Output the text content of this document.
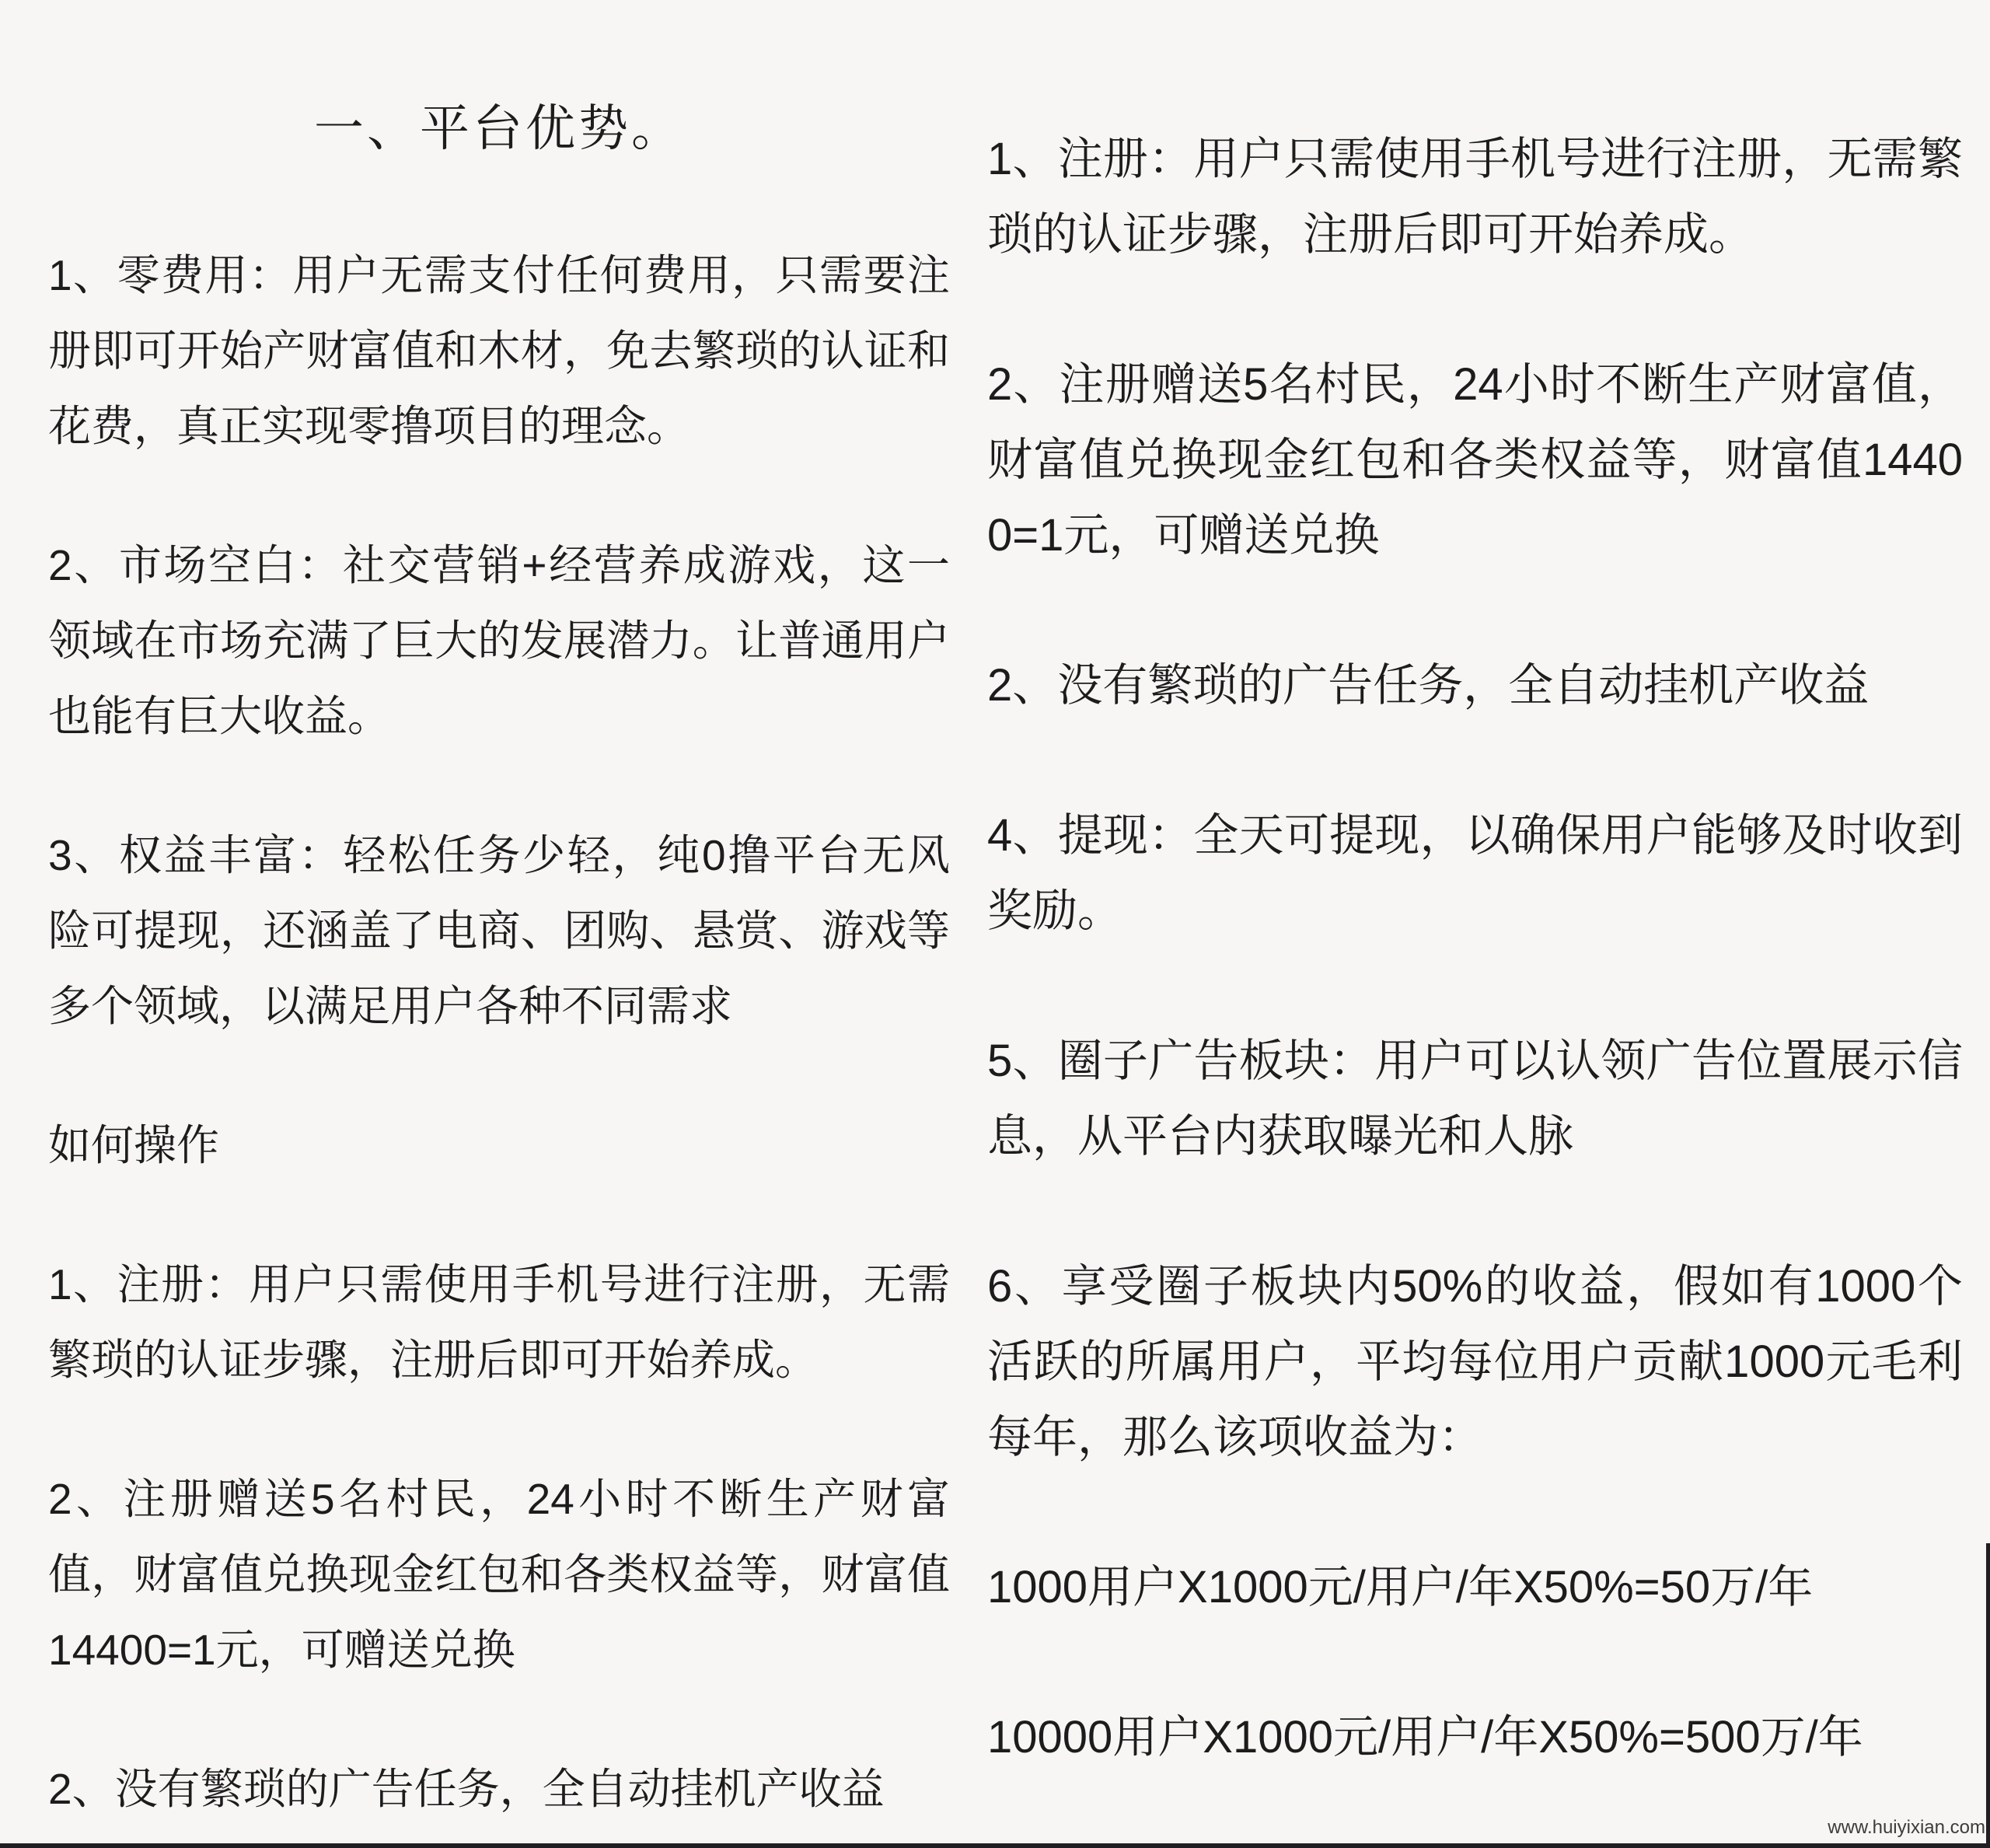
一、平台优势。

1、零费用：用户无需支付任何费用，只需要注册即可开始产财富值和木材，免去繁琐的认证和花费，真正实现零撸项目的理念。

2、市场空白：社交营销+经营养成游戏，这一领域在市场充满了巨大的发展潜力。让普通用户也能有巨大收益。

3、权益丰富：轻松任务少轻，纯0撸平台无风险可提现，还涵盖了电商、团购、悬赏、游戏等多个领域，以满足用户各种不同需求

如何操作

1、注册：用户只需使用手机号进行注册，无需繁琐的认证步骤，注册后即可开始养成。

2、注册赠送5名村民，24小时不断生产财富值，财富值兑换现金红包和各类权益等，财富值14400=1元，可赠送兑换

2、没有繁琐的广告任务，全自动挂机产收益

1、注册：用户只需使用手机号进行注册，无需繁琐的认证步骤，注册后即可开始养成。

2、注册赠送5名村民，24小时不断生产财富值，财富值兑换现金红包和各类权益等，财富值14400=1元，可赠送兑换

2、没有繁琐的广告任务，全自动挂机产收益

4、提现：全天可提现，以确保用户能够及时收到奖励。

5、圈子广告板块：用户可以认领广告位置展示信息，从平台内获取曝光和人脉

6、享受圈子板块内50%的收益，假如有1000个活跃的所属用户，平均每位用户贡献1000元毛利每年，那么该项收益为：

1000用户X1000元/用户/年X50%=50万/年

10000用户X1000元/用户/年X50%=500万/年

www.huiyixian.com
